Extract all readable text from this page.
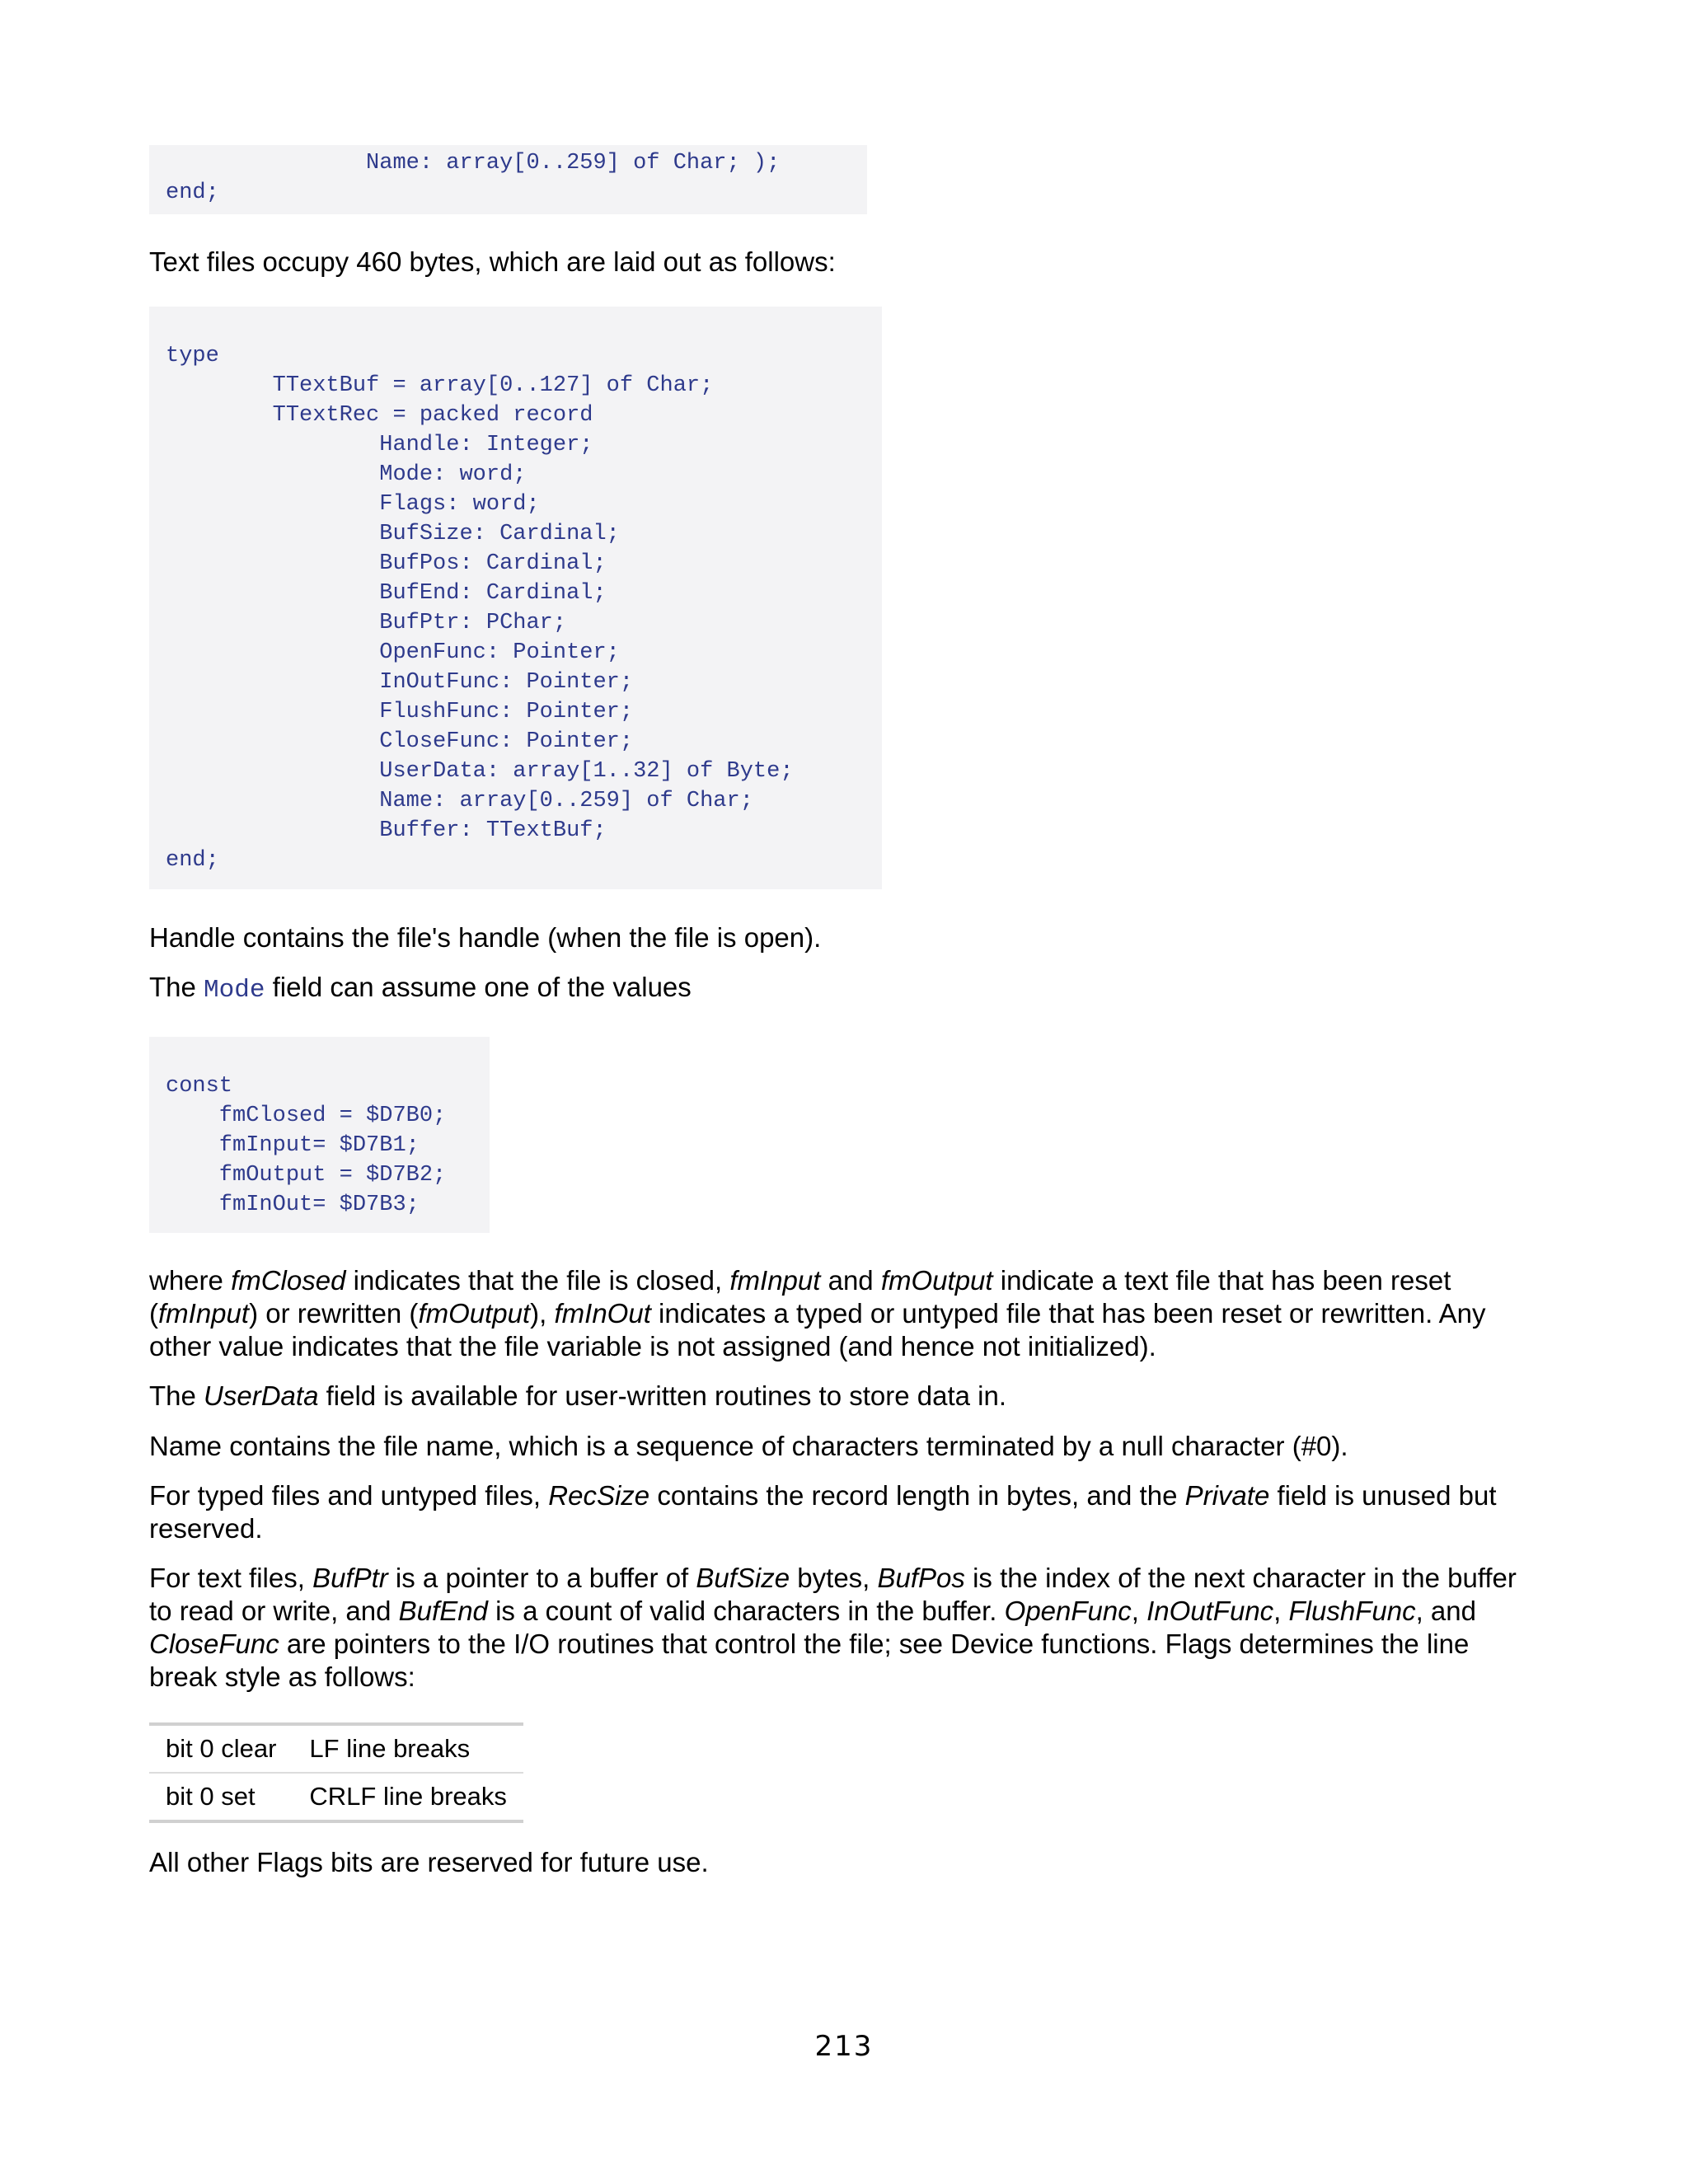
Name: array[0..259] of Char; );
end;

Text files occupy 460 bytes, which are laid out as follows:

type
TTextBuf = array[0..127] of Char;
TTextRec = packed record
Handle: Integer;
Mode: word;
Flags: word;
BufSize: Cardinal;
BufPos: Cardinal;
BufEnd: Cardinal;
BufPtr: PChar;
OpenFunc: Pointer;
InOutFunc: Pointer;
FlushFunc: Pointer;
CloseFunc: Pointer;
UserData: array[1..32] of Byte;
Name: array[0..259] of Char;
Buffer: TTextBuf;
end;

Handle contains the file's handle (when the file is open).

The Mode field can assume one of the values

const
fmClosed = $D7B0;
fmInput= $D7B1;
fmOutput = $D7B2;
fmInOut= $D7B3;

where fmClosed indicates that the file is closed, fmInput and fmOutput indicate a text file that has been reset (fmInput) or rewritten (fmOutput), fmInOut indicates a typed or untyped file that has been reset or rewritten. Any other value indicates that the file variable is not assigned (and hence not initialized).

The UserData field is available for user-written routines to store data in.

Name contains the file name, which is a sequence of characters terminated by a null character (#0).

For typed files and untyped files, RecSize contains the record length in bytes, and the Private field is unused but reserved.

For text files, BufPtr is a pointer to a buffer of BufSize bytes, BufPos is the index of the next character in the buffer to read or write, and BufEnd is a count of valid characters in the buffer. OpenFunc, InOutFunc, FlushFunc, and CloseFunc are pointers to the I/O routines that control the file; see Device functions. Flags determines the line break style as follows:

bit 0 clear	LF line breaks
bit 0 set	CRLF line breaks

All other Flags bits are reserved for future use.

213
